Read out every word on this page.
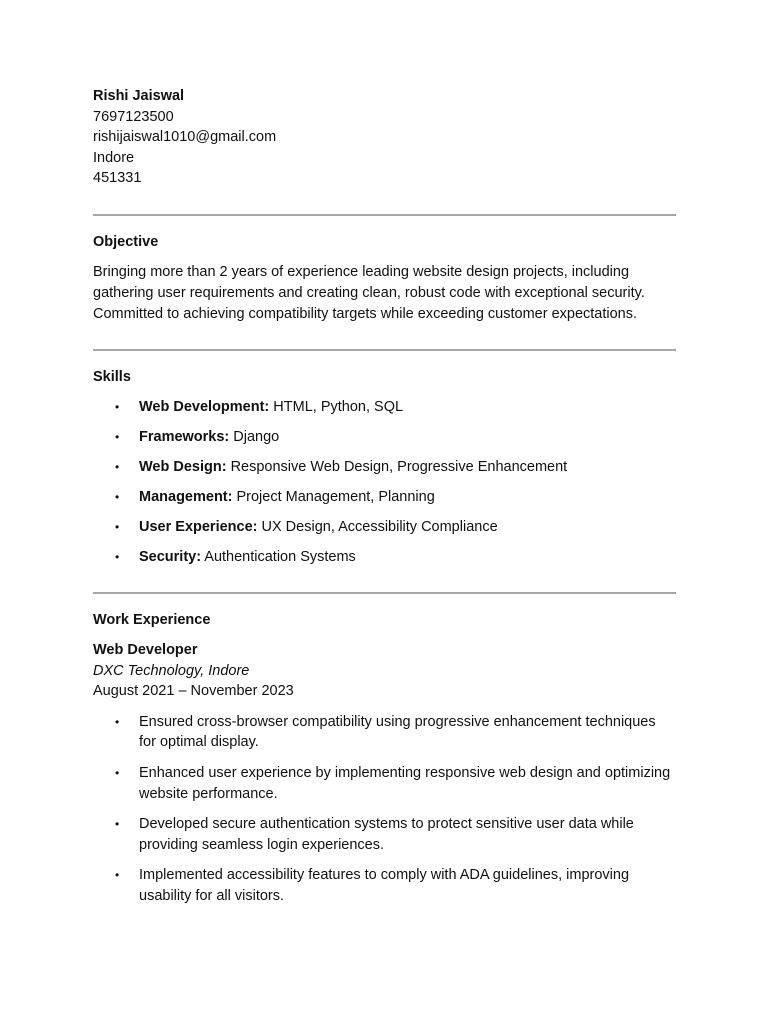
Rishi Jaiswal
7697123500
rishijaiswal1010@gmail.com
Indore
451331
Objective

Bringing more than 2 years of experience leading website design projects, including gathering user requirements and creating clean, robust code with exceptional security. Committed to achieving compatibility targets while exceeding customer expectations.

Skills
• Web Development: HTML, Python, SQL
• Frameworks: Django
• Web Design: Responsive Web Design, Progressive Enhancement
• Management: Project Management, Planning
• User Experience: UX Design, Accessibility Compliance
• Security: Authentication Systems
Work Experience
Web Developer
DXC Technology, Indore
August 2021 – November 2023
• Ensured cross-browser compatibility using progressive enhancement techniques for optimal display.
• Enhanced user experience by implementing responsive web design and optimizing website performance.
• Developed secure authentication systems to protect sensitive user data while providing seamless login experiences.
• Implemented accessibility features to comply with ADA guidelines, improving usability for all visitors.
